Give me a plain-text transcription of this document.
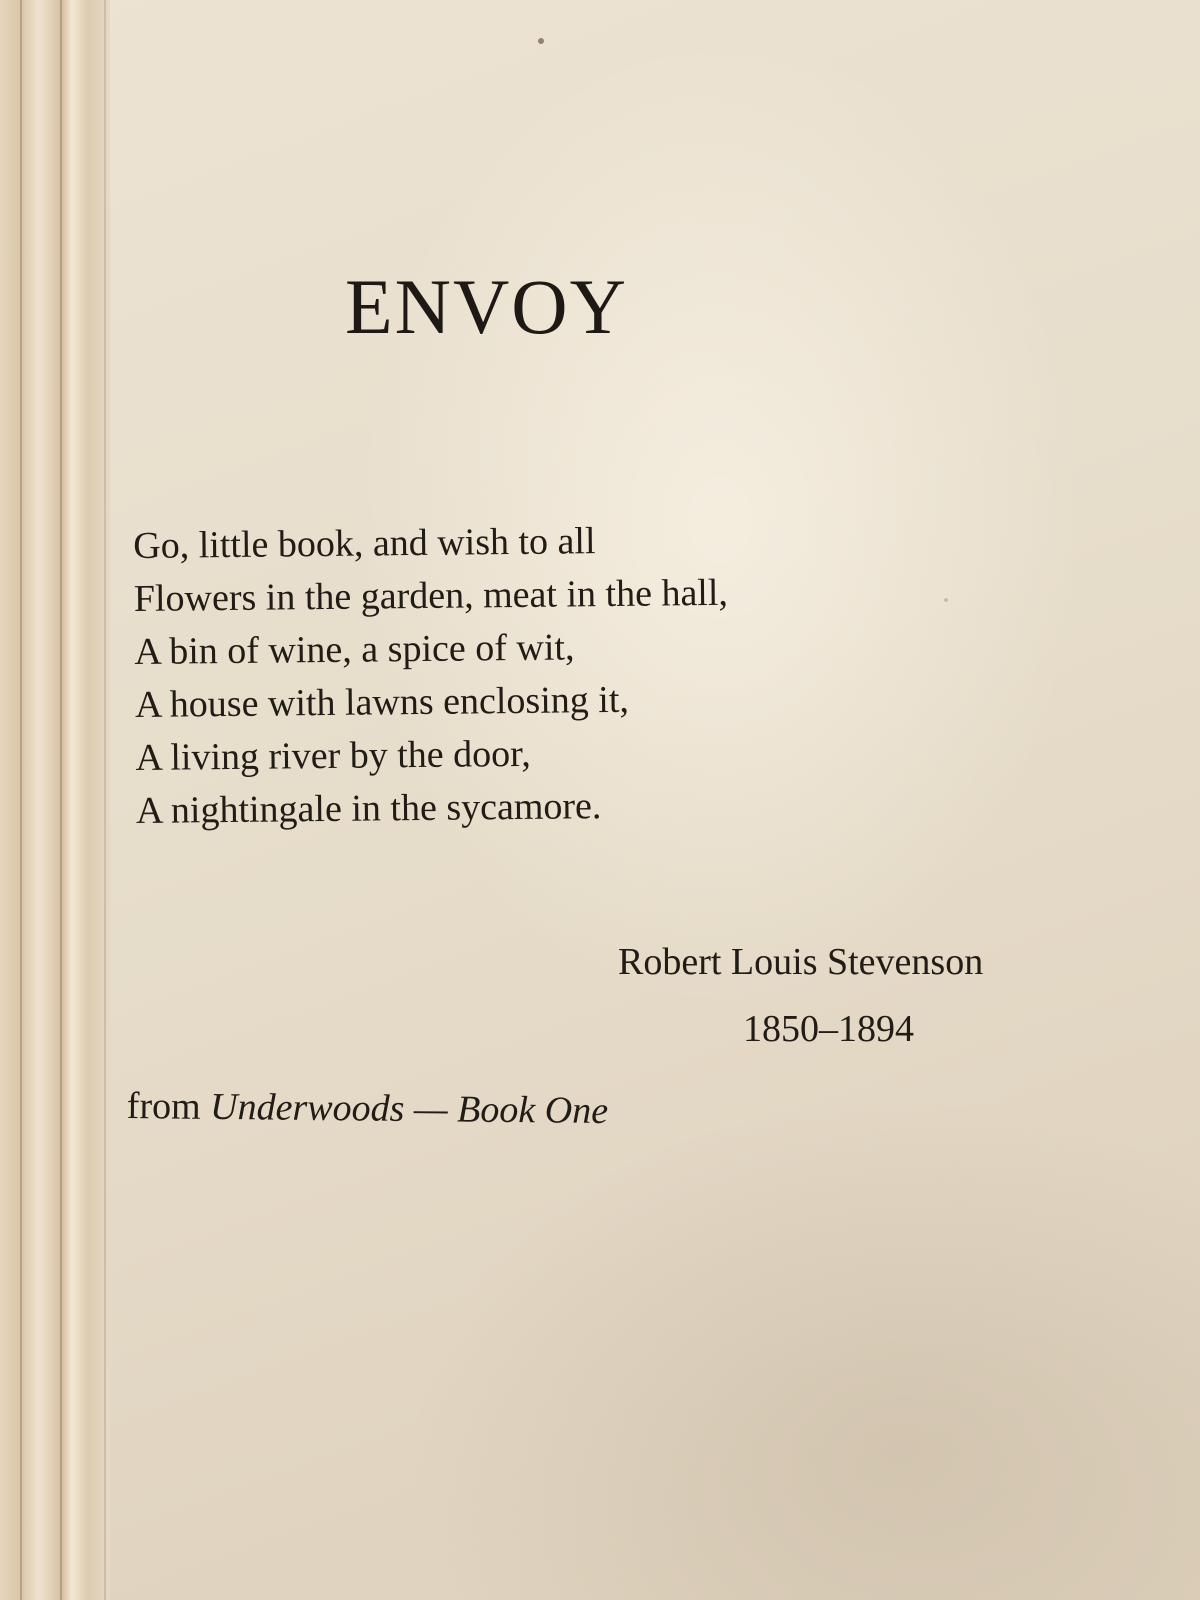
ENVOY
Go, little book, and wish to all
Flowers in the garden, meat in the hall,
A bin of wine, a spice of wit,
A house with lawns enclosing it,
A living river by the door,
A nightingale in the sycamore.
Robert Louis Stevenson
1850–1894
from Underwoods — Book One
